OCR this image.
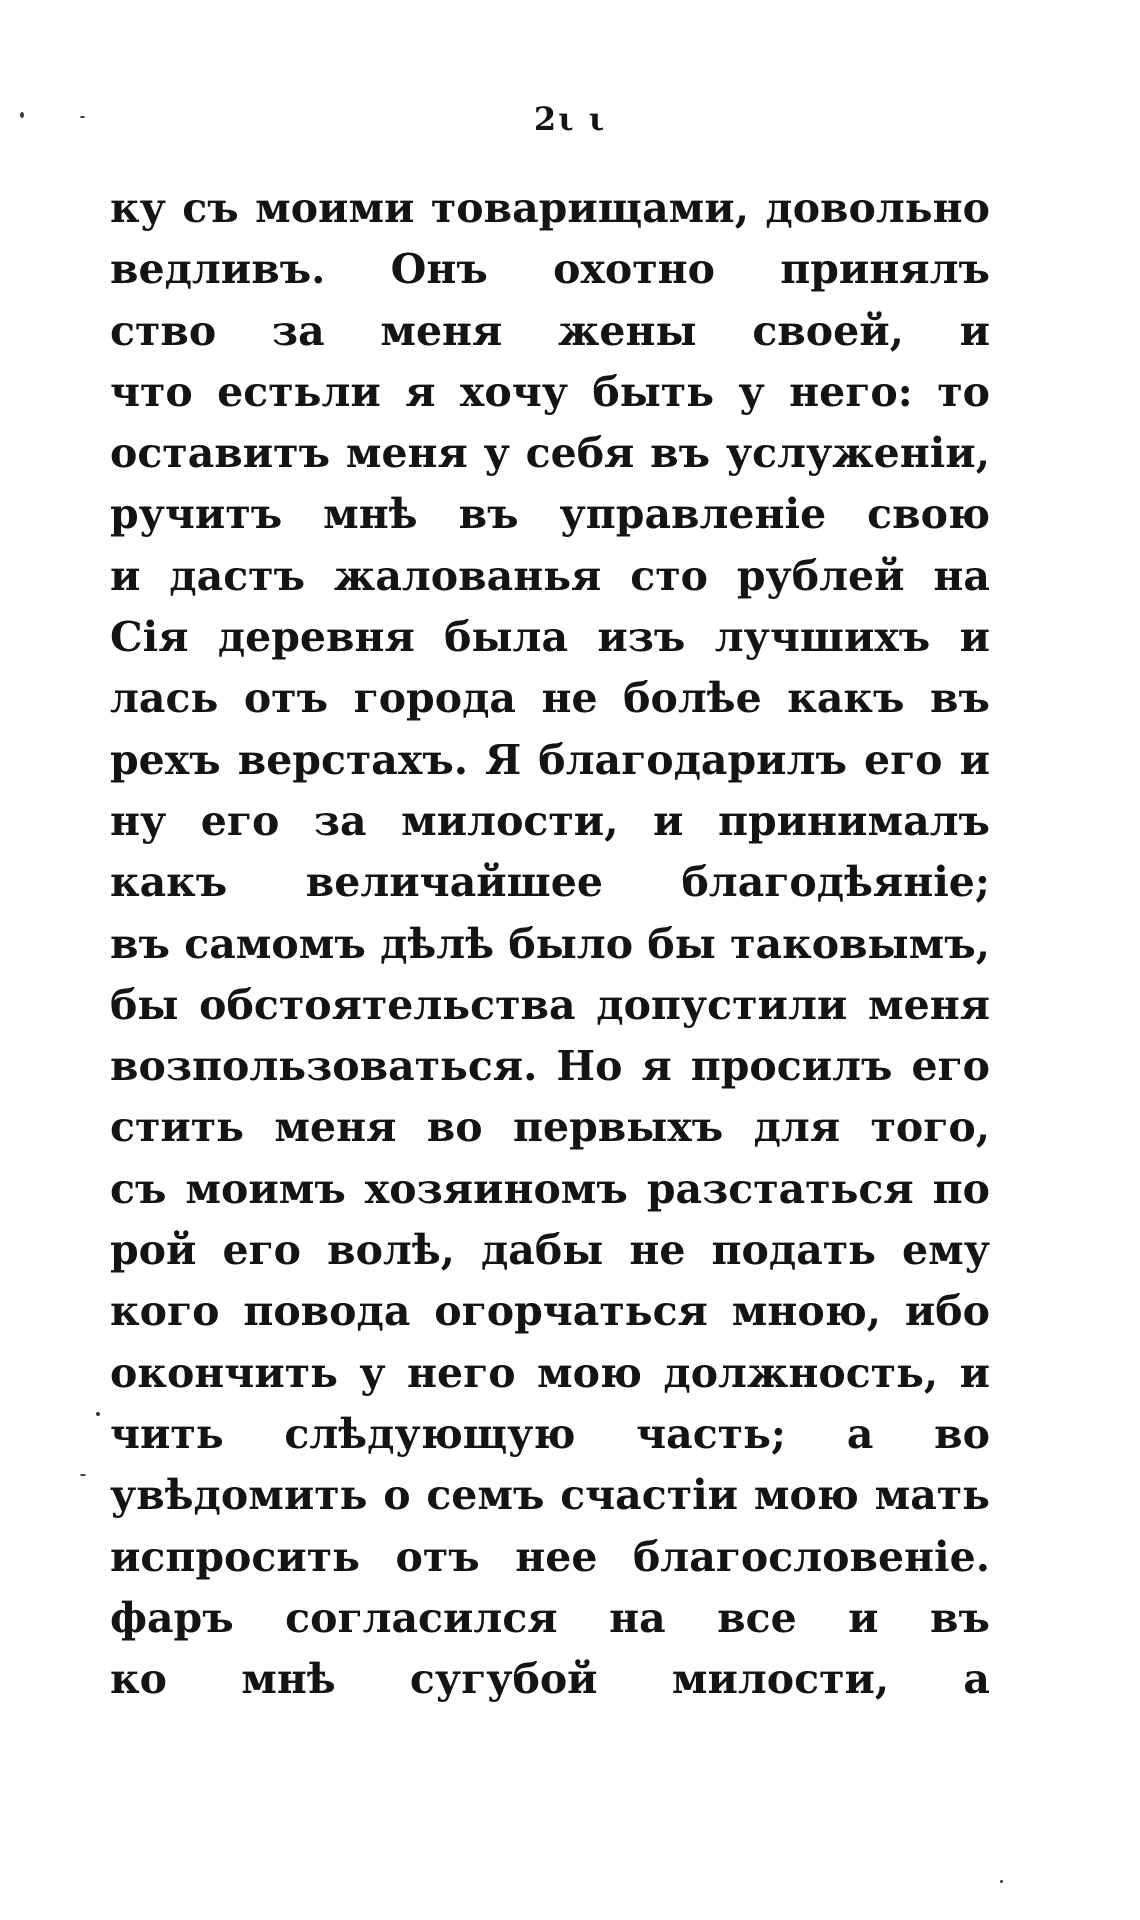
2ι ι
ку съ моими товарищами, довольно
ведливъ. Онъ охотно принялъ
ство за меня жены своей, и
что естьли я хочу быть у него: то
оставитъ меня у себя въ услуженіи,
ручитъ мнѣ въ управленіе свою
и дастъ жалованья сто рублей на
Сія деревня была изъ лучшихъ и
лась отъ города не болѣе какъ въ
рехъ верстахъ. Я благодарилъ его и
ну его за милости, и принималъ
какъ величайшее благодѣяніе;
въ самомъ дѣлѣ было бы таковымъ,
бы обстоятельства допустили меня
возпользоваться. Но я просилъ его
стить меня во первыхъ для того,
съ моимъ хозяиномъ разстаться по
рой его волѣ, дабы не подать ему
кого повода огорчаться мною, ибо
окончить у него мою должность, и
чить слѣдующую часть; а во
увѣдомить о семъ счастіи мою мать
испросить отъ нее благословеніе.
фаръ согласился на все и въ
ко мнѣ сугубой милости, а
